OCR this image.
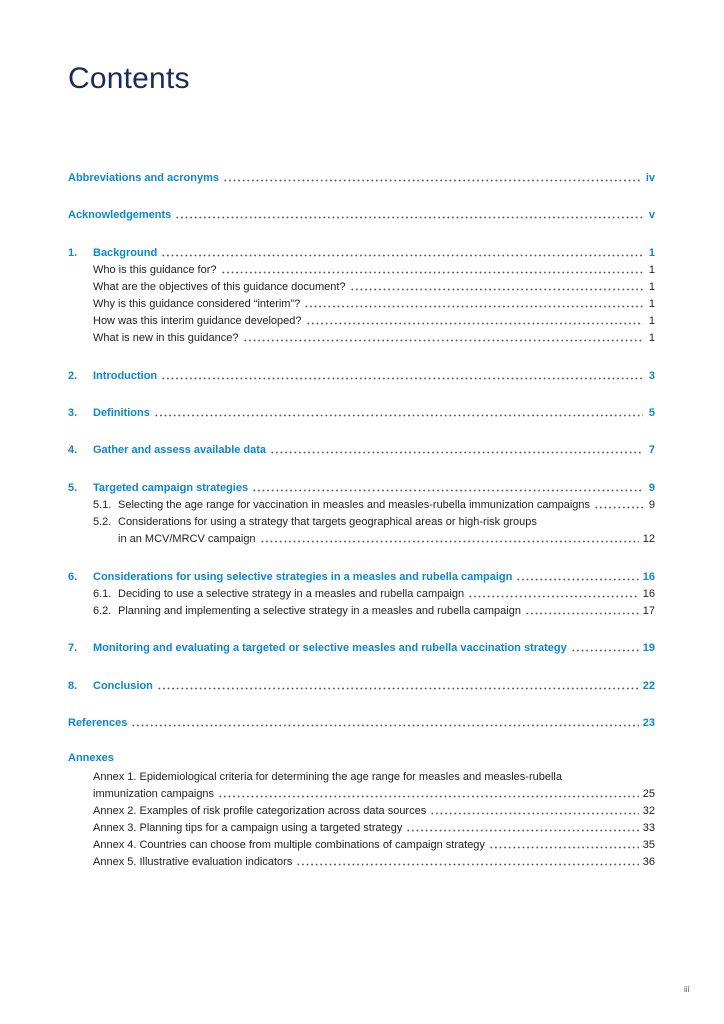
Contents
Abbreviations and acronyms	iv
Acknowledgements	v
1.	Background	1
Who is this guidance for?	1
What are the objectives of this guidance document?	1
Why is this guidance considered “interim”?	1
How was this interim guidance developed?	1
What is new in this guidance?	1
2.	Introduction	3
3.	Definitions	5
4.	Gather and assess available data	7
5.	Targeted campaign strategies	9
5.1. Selecting the age range for vaccination in measles and measles-rubella immunization campaigns	9
5.2. Considerations for using a strategy that targets geographical areas or high-risk groups
in an MCV/MRCV campaign	12
6.	Considerations for using selective strategies in a measles and rubella campaign	16
6.1. Deciding to use a selective strategy in a measles and rubella campaign	16
6.2. Planning and implementing a selective strategy in a measles and rubella campaign	17
7.	Monitoring and evaluating a targeted or selective measles and rubella vaccination strategy	19
8.	Conclusion	22
References	23
Annexes
Annex 1. Epidemiological criteria for determining the age range for measles and measles-rubella
immunization campaigns	25
Annex 2. Examples of risk profile categorization across data sources	32
Annex 3. Planning tips for a campaign using a targeted strategy	33
Annex 4. Countries can choose from multiple combinations of campaign strategy	35
Annex 5. Illustrative evaluation indicators	36
iii
